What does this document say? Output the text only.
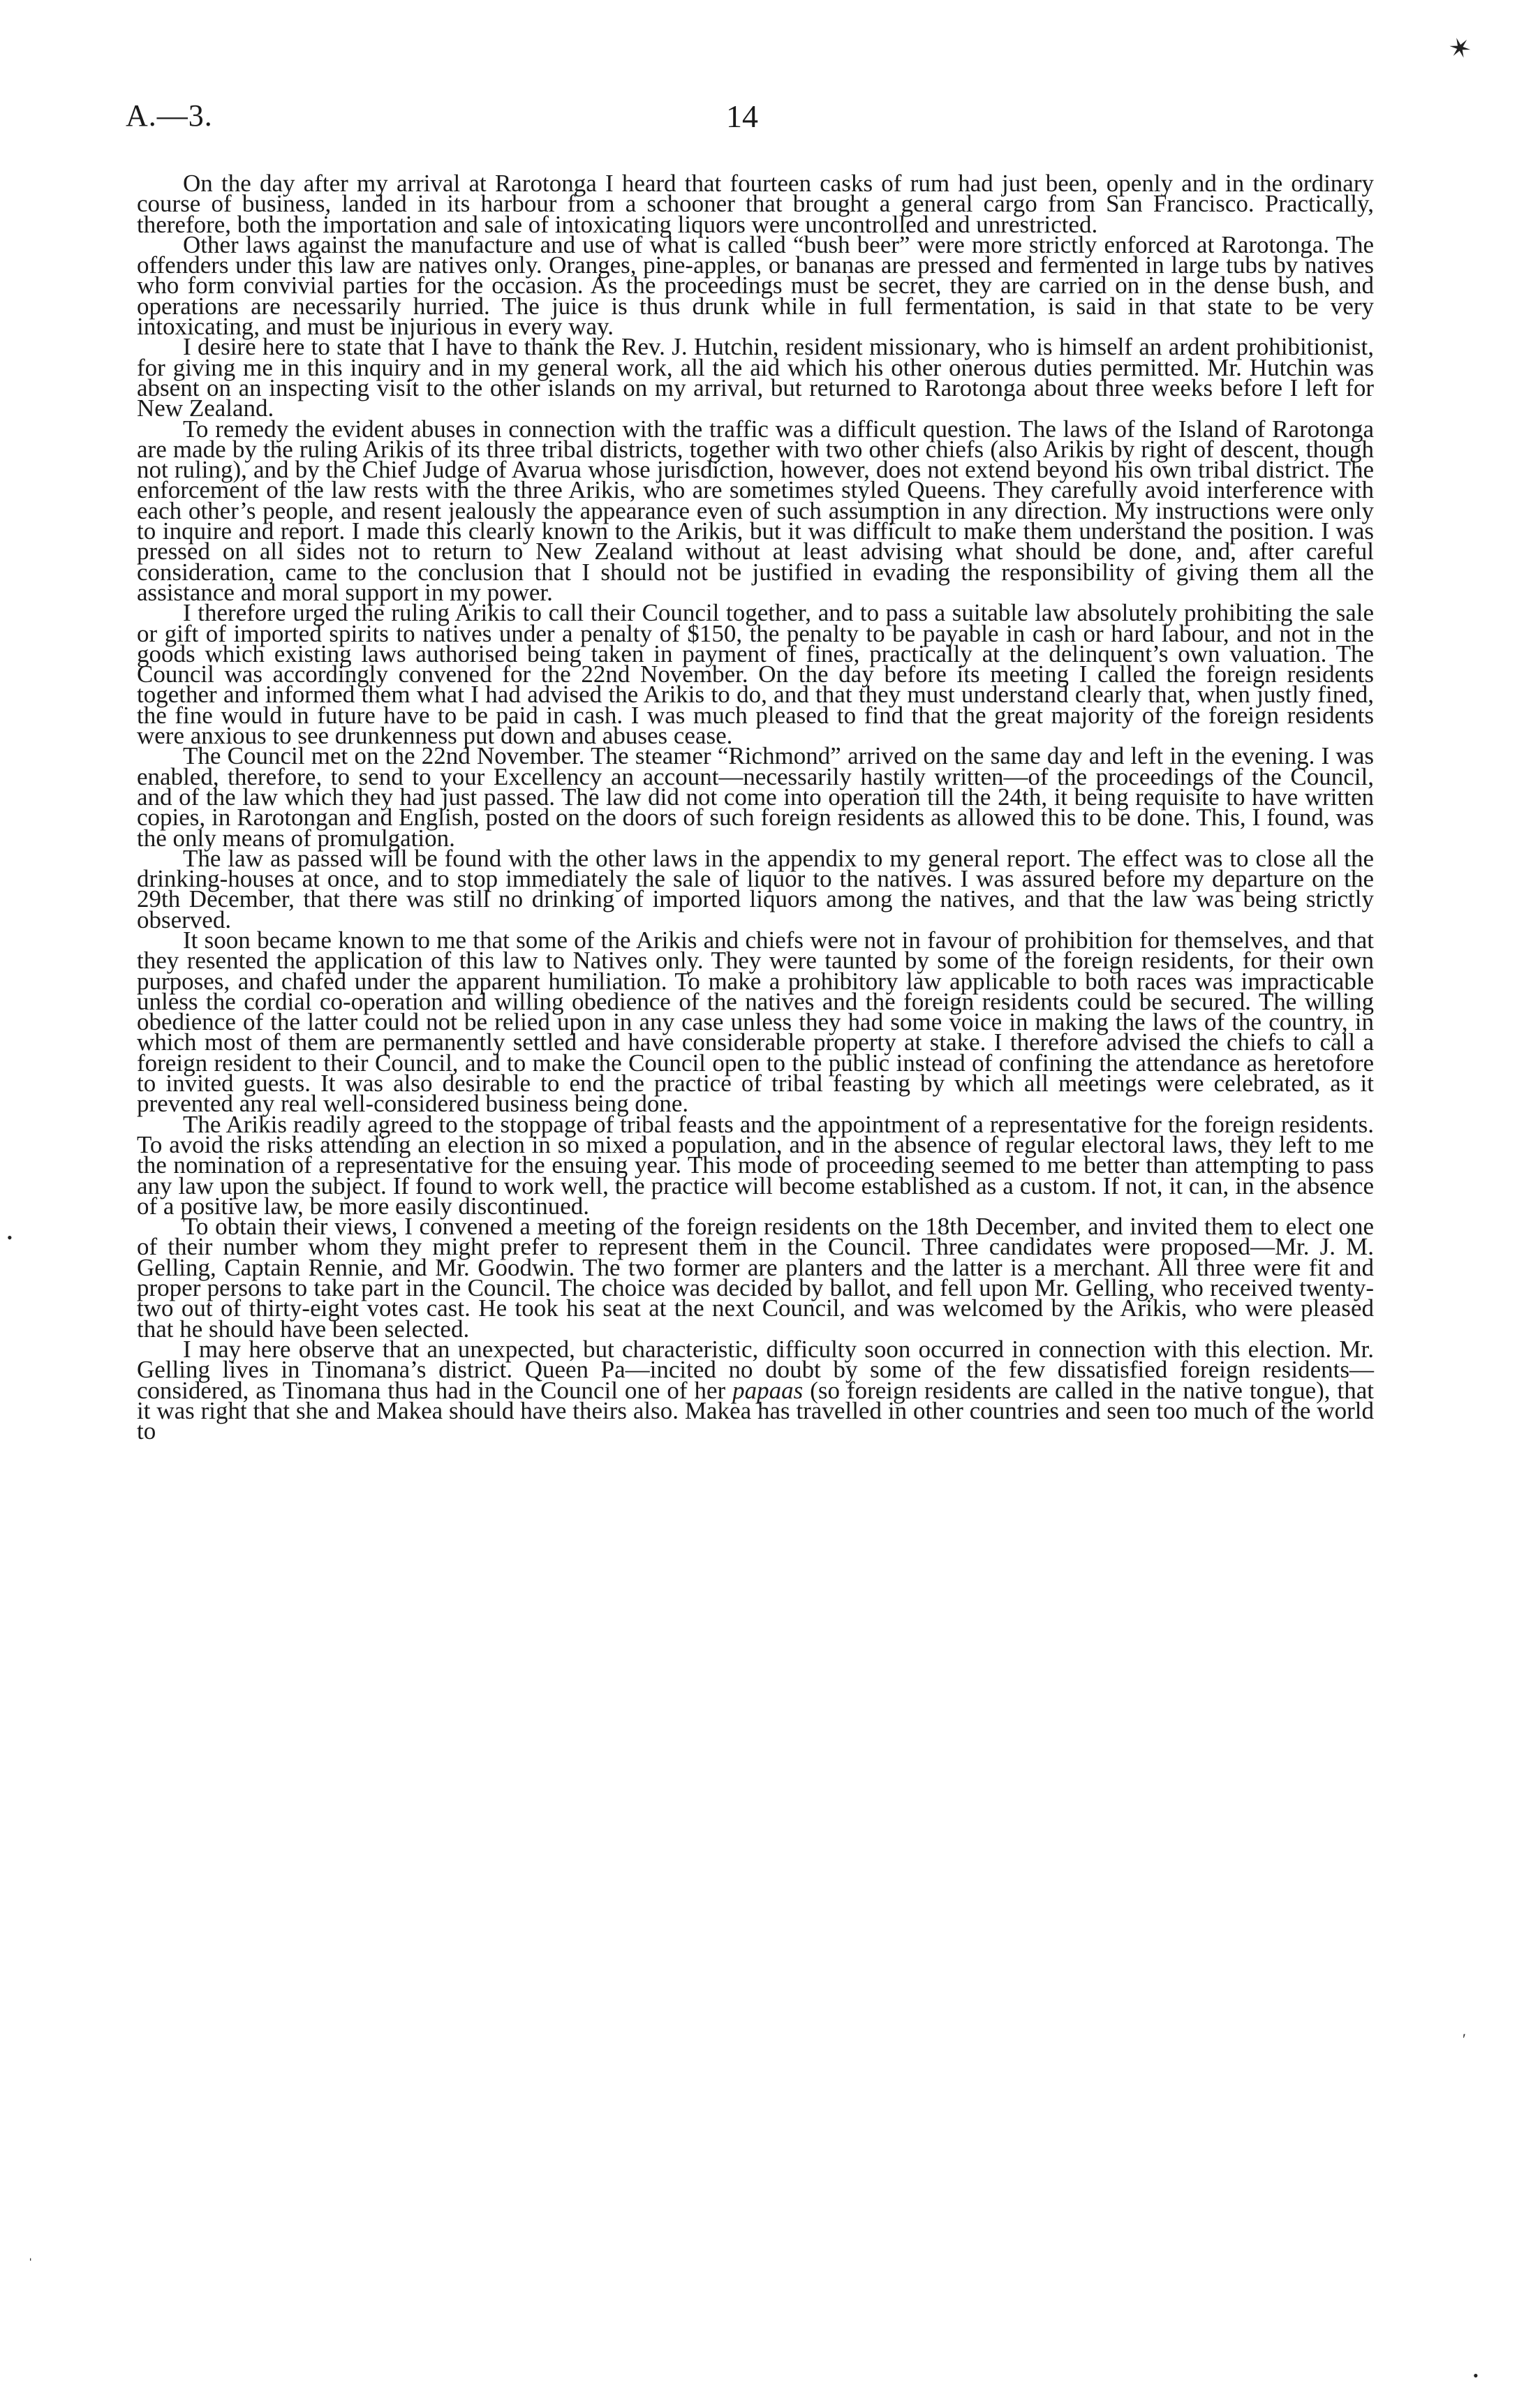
✶
•
′
ˈ
•
A.—3.	14

On the day after my arrival at Rarotonga I heard that fourteen casks of rum had just been, openly and in the ordinary course of business, landed in its harbour from a schooner that brought a general cargo from San Francisco. Practically, therefore, both the importation and sale of intoxicating liquors were uncontrolled and unrestricted.

Other laws against the manufacture and use of what is called “bush beer” were more strictly enforced at Rarotonga. The offenders under this law are natives only. Oranges, pine-apples, or bananas are pressed and fermented in large tubs by natives who form convivial parties for the occasion. As the proceedings must be secret, they are carried on in the dense bush, and operations are necessarily hurried. The juice is thus drunk while in full fermentation, is said in that state to be very intoxicating, and must be injurious in every way.

I desire here to state that I have to thank the Rev. J. Hutchin, resident missionary, who is himself an ardent prohibitionist, for giving me in this inquiry and in my general work, all the aid which his other onerous duties permitted. Mr. Hutchin was absent on an inspecting visit to the other islands on my arrival, but returned to Rarotonga about three weeks before I left for New Zealand.

To remedy the evident abuses in connection with the traffic was a difficult question. The laws of the Island of Rarotonga are made by the ruling Arikis of its three tribal districts, together with two other chiefs (also Arikis by right of descent, though not ruling), and by the Chief Judge of Avarua whose jurisdiction, however, does not extend beyond his own tribal district. The enforcement of the law rests with the three Arikis, who are sometimes styled Queens. They carefully avoid interference with each other’s people, and resent jealously the appearance even of such assumption in any direction. My instructions were only to inquire and report. I made this clearly known to the Arikis, but it was difficult to make them understand the position. I was pressed on all sides not to return to New Zealand without at least advising what should be done, and, after careful consideration, came to the conclusion that I should not be justified in evading the responsibility of giving them all the assistance and moral support in my power.

I therefore urged the ruling Arikis to call their Council together, and to pass a suitable law absolutely prohibiting the sale or gift of imported spirits to natives under a penalty of $150, the penalty to be payable in cash or hard labour, and not in the goods which existing laws authorised being taken in payment of fines, practically at the delinquent’s own valuation. The Council was accordingly convened for the 22nd November. On the day before its meeting I called the foreign residents together and informed them what I had advised the Arikis to do, and that they must understand clearly that, when justly fined, the fine would in future have to be paid in cash. I was much pleased to find that the great majority of the foreign residents were anxious to see drunkenness put down and abuses cease.

The Council met on the 22nd November. The steamer “Richmond” arrived on the same day and left in the evening. I was enabled, therefore, to send to your Excellency an account—necessarily hastily written—of the proceedings of the Council, and of the law which they had just passed. The law did not come into operation till the 24th, it being requisite to have written copies, in Rarotongan and English, posted on the doors of such foreign residents as allowed this to be done. This, I found, was the only means of promulgation.

The law as passed will be found with the other laws in the appendix to my general report. The effect was to close all the drinking-houses at once, and to stop immediately the sale of liquor to the natives. I was assured before my departure on the 29th December, that there was still no drinking of imported liquors among the natives, and that the law was being strictly observed.

It soon became known to me that some of the Arikis and chiefs were not in favour of prohibition for themselves, and that they resented the application of this law to Natives only. They were taunted by some of the foreign residents, for their own purposes, and chafed under the apparent humiliation. To make a prohibitory law applicable to both races was impracticable unless the cordial co-operation and willing obedience of the natives and the foreign residents could be secured. The willing obedience of the latter could not be relied upon in any case unless they had some voice in making the laws of the country, in which most of them are permanently settled and have considerable property at stake. I therefore advised the chiefs to call a foreign resident to their Council, and to make the Council open to the public instead of confining the attendance as heretofore to invited guests. It was also desirable to end the practice of tribal feasting by which all meetings were celebrated, as it prevented any real well-considered business being done.

The Arikis readily agreed to the stoppage of tribal feasts and the appointment of a representative for the foreign residents. To avoid the risks attending an election in so mixed a population, and in the absence of regular electoral laws, they left to me the nomination of a representative for the ensuing year. This mode of proceeding seemed to me better than attempting to pass any law upon the subject. If found to work well, the practice will become established as a custom. If not, it can, in the absence of a positive law, be more easily discontinued.

To obtain their views, I convened a meeting of the foreign residents on the 18th December, and invited them to elect one of their number whom they might prefer to represent them in the Council. Three candidates were proposed—Mr. J. M. Gelling, Captain Rennie, and Mr. Goodwin. The two former are planters and the latter is a merchant. All three were fit and proper persons to take part in the Council. The choice was decided by ballot, and fell upon Mr. Gelling, who received twenty-two out of thirty-eight votes cast. He took his seat at the next Council, and was welcomed by the Arikis, who were pleased that he should have been selected.

I may here observe that an unexpected, but characteristic, difficulty soon occurred in connection with this election. Mr. Gelling lives in Tinomana’s district. Queen Pa—incited no doubt by some of the few dissatisfied foreign residents—considered, as Tinomana thus had in the Council one of her papaas (so foreign residents are called in the native tongue), that it was right that she and Makea should have theirs also. Makea has travelled in other countries and seen too much of the world to
